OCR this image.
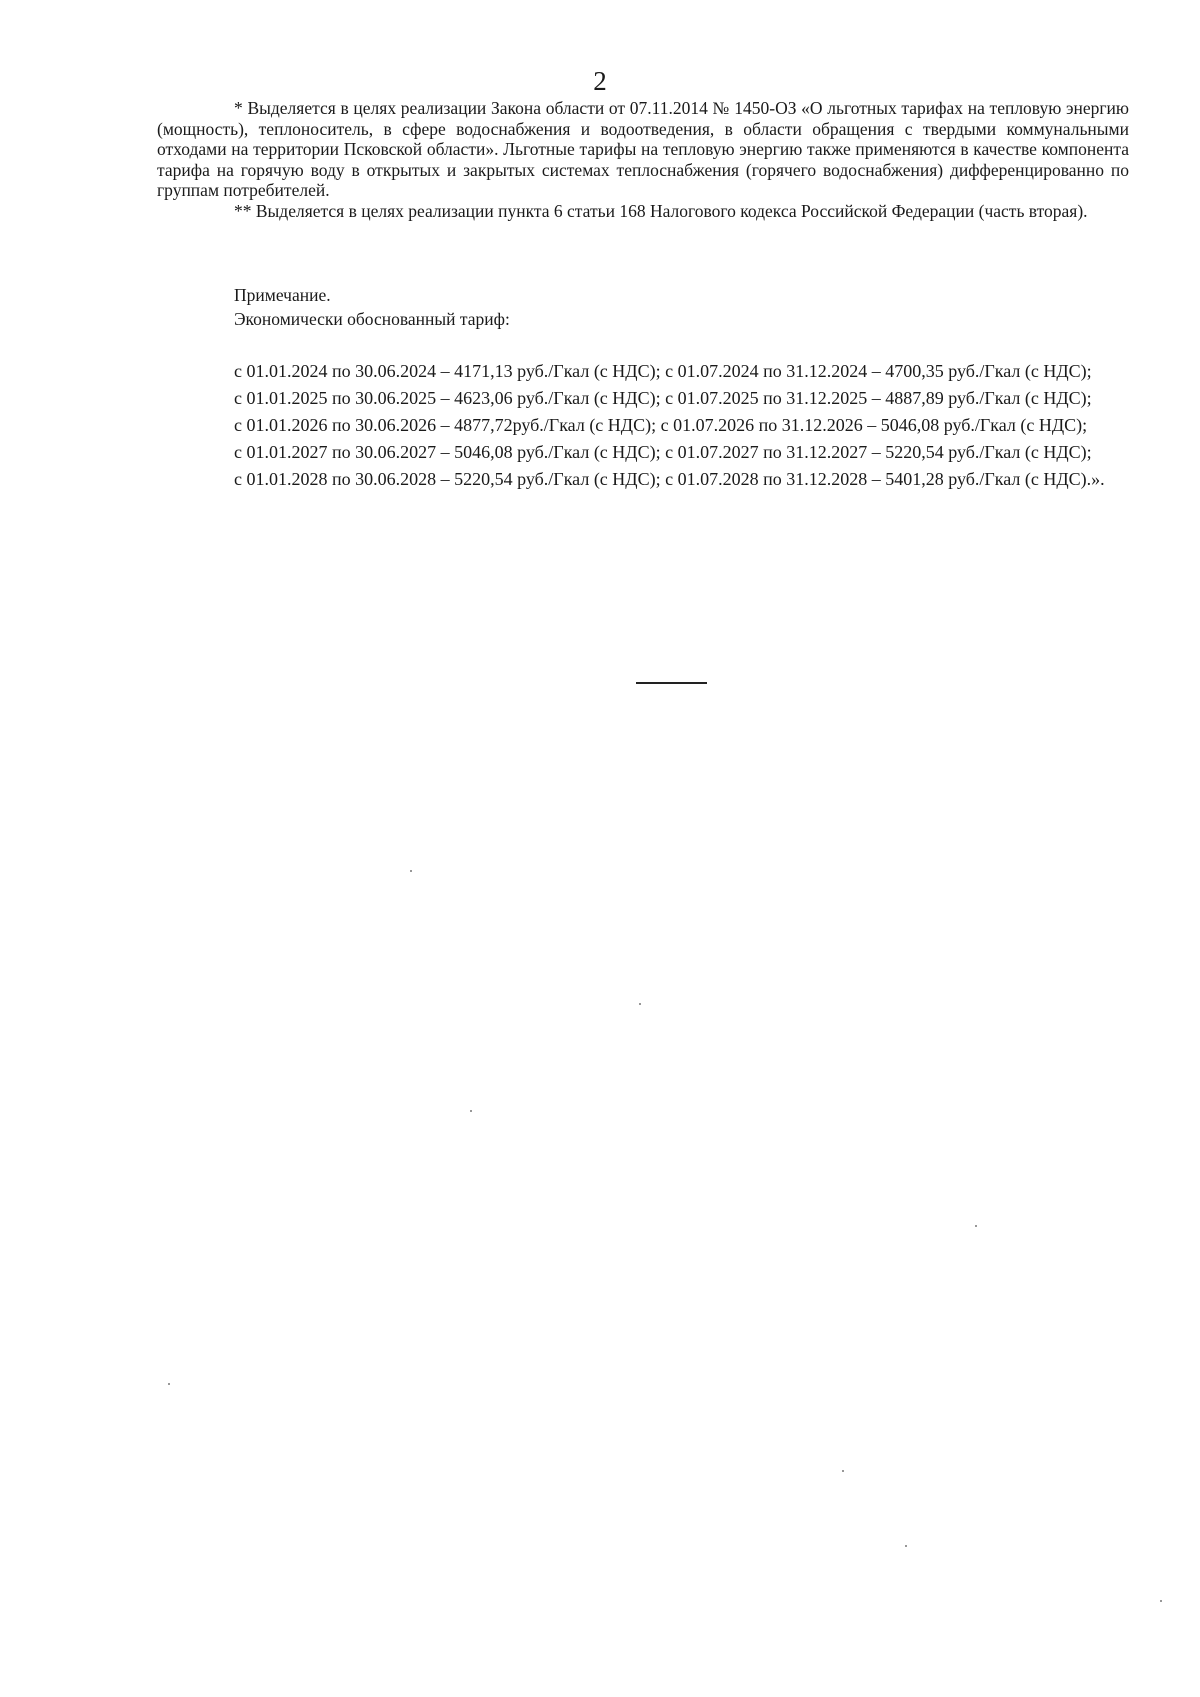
2

* Выделяется в целях реализации Закона области от 07.11.2014 № 1450-ОЗ «О льготных тарифах на тепловую энергию (мощность), теплоноситель, в сфере водоснабжения и водоотведения, в области обращения с твердыми коммунальными отходами на территории Псковской области». Льготные тарифы на тепловую энергию также применяются в качестве компонента тарифа на горячую воду в открытых и закрытых системах теплоснабжения (горячего водоснабжения) дифференцированно по группам потребителей.

** Выделяется в целях реализации пункта 6 статьи 168 Налогового кодекса Российской Федерации (часть вторая).

Примечание.

Экономически обоснованный тариф:

с 01.01.2024 по 30.06.2024 – 4171,13 руб./Гкал (с НДС); с 01.07.2024 по 31.12.2024 – 4700,35 руб./Гкал (с НДС);

с 01.01.2025 по 30.06.2025 – 4623,06 руб./Гкал (с НДС); с 01.07.2025 по 31.12.2025 – 4887,89 руб./Гкал (с НДС);

с 01.01.2026 по 30.06.2026 – 4877,72руб./Гкал (с НДС); с 01.07.2026 по 31.12.2026 – 5046,08 руб./Гкал (с НДС);

с 01.01.2027 по 30.06.2027 – 5046,08 руб./Гкал (с НДС); с 01.07.2027 по 31.12.2027 – 5220,54 руб./Гкал (с НДС);

с 01.01.2028 по 30.06.2028 – 5220,54 руб./Гкал (с НДС); с 01.07.2028 по 31.12.2028 – 5401,28 руб./Гкал (с НДС).».
